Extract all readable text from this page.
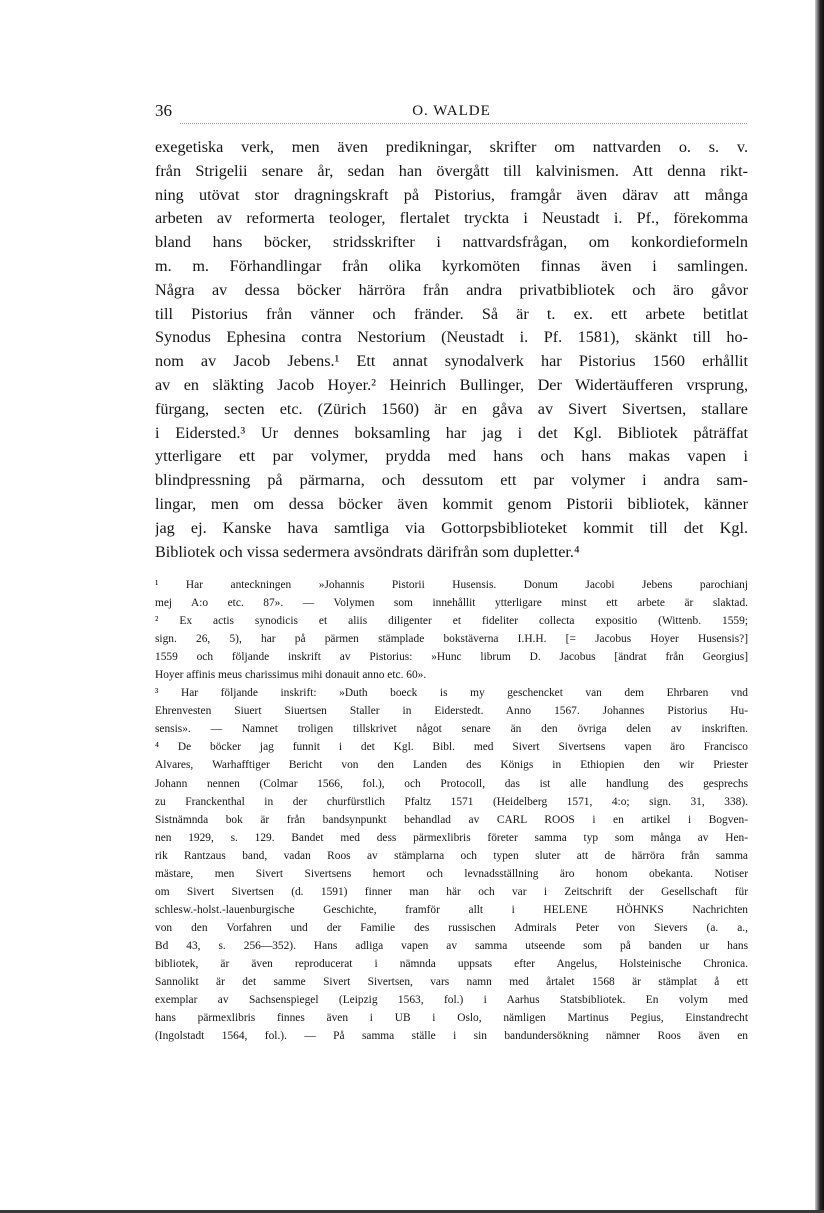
36	O. WALDE
exegetiska verk, men även predikningar, skrifter om nattvarden o. s. v.
från Strigelii senare år, sedan han övergått till kalvinismen. Att denna rikt-
ning utövat stor dragningskraft på Pistorius, framgår även därav att många
arbeten av reformerta teologer, flertalet tryckta i Neustadt i. Pf., förekomma
bland hans böcker, stridsskrifter i nattvardsfrågan, om konkordieformeln
m. m. Förhandlingar från olika kyrkomöten finnas även i samlingen.
Några av dessa böcker härröra från andra privatbibliotek och äro gåvor
till Pistorius från vänner och fränder. Så är t. ex. ett arbete betitlat
Synodus Ephesina contra Nestorium (Neustadt i. Pf. 1581), skänkt till ho-
nom av Jacob Jebens.¹ Ett annat synodalverk har Pistorius 1560 erhållit
av en släkting Jacob Hoyer.² Heinrich Bullinger, Der Widertäufferen vrsprung,
fürgang, secten etc. (Zürich 1560) är en gåva av Sivert Sivertsen, stallare
i Eidersted.³ Ur dennes boksamling har jag i det Kgl. Bibliotek påträffat
ytterligare ett par volymer, prydda med hans och hans makas vapen i
blindpressning på pärmarna, och dessutom ett par volymer i andra sam-
lingar, men om dessa böcker även kommit genom Pistorii bibliotek, känner
jag ej. Kanske hava samtliga via Gottorpsbiblioteket kommit till det Kgl.
Bibliotek och vissa sedermera avsöndrats därifrån som dupletter.⁴
¹ Har anteckningen »Johannis Pistorii Husensis. Donum Jacobi Jebens parochianj
mej A:o etc. 87». — Volymen som innehållit ytterligare minst ett arbete är slaktad.
² Ex actis synodicis et aliis diligenter et fideliter collecta expositio (Wittenb. 1559;
sign. 26, 5), har på pärmen stämplade bokstäverna I.H.H. [= Jacobus Hoyer Husensis?]
1559 och följande inskrift av Pistorius: »Hunc librum D. Jacobus [ändrat från Georgius]
Hoyer affinis meus charissimus mihi donauit anno etc. 60».
³ Har följande inskrift: »Duth boeck is my geschencket van dem Ehrbaren vnd
Ehrenvesten Siuert Siuertsen Staller in Eiderstedt. Anno 1567. Johannes Pistorius Hu-
sensis». — Namnet troligen tillskrivet något senare än den övriga delen av inskriften.
⁴ De böcker jag funnit i det Kgl. Bibl. med Sivert Sivertsens vapen äro Francisco
Alvares, Warhafftiger Bericht von den Landen des Königs in Ethiopien den wir Priester
Johann nennen (Colmar 1566, fol.), och Protocoll, das ist alle handlung des gesprechs
zu Franckenthal in der churfürstlich Pfaltz 1571 (Heidelberg 1571, 4:o; sign. 31, 338).
Sistnämnda bok är från bandsynpunkt behandlad av CARL ROOS i en artikel i Bogven-
nen 1929, s. 129. Bandet med dess pärmexlibris företer samma typ som många av Hen-
rik Rantzaus band, vadan Roos av stämplarna och typen sluter att de härröra från samma
mästare, men Sivert Sivertsens hemort och levnadsställning äro honom obekanta. Notiser
om Sivert Sivertsen (d. 1591) finner man här och var i Zeitschrift der Gesellschaft für
schlesw.-holst.-lauenburgische Geschichte, framför allt i HELENE HÖHNKS Nachrichten
von den Vorfahren und der Familie des russischen Admirals Peter von Sievers (a. a.,
Bd 43, s. 256—352). Hans adliga vapen av samma utseende som på banden ur hans
bibliotek, är även reproducerat i nämnda uppsats efter Angelus, Holsteinische Chronica.
Sannolikt är det samme Sivert Sivertsen, vars namn med årtalet 1568 är stämplat å ett
exemplar av Sachsenspiegel (Leipzig 1563, fol.) i Aarhus Statsbibliotek. En volym med
hans pärmexlibris finnes även i UB i Oslo, nämligen Martinus Pegius, Einstandrecht
(Ingolstadt 1564, fol.). — På samma ställe i sin bandundersökning nämner Roos även en
